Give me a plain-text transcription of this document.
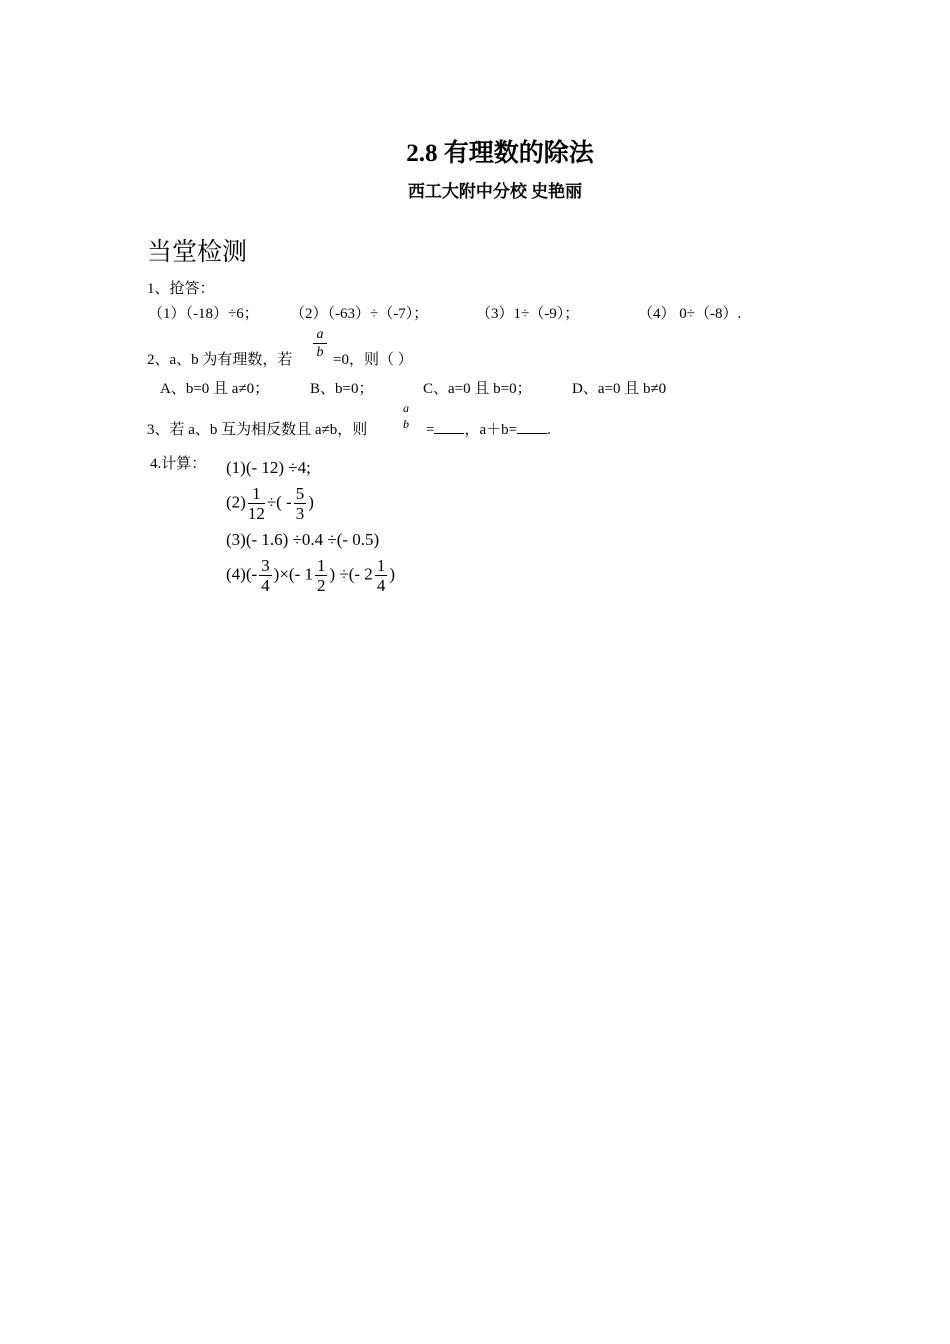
2.8 有理数的除法
西工大附中分校 史艳丽
当堂检测
1、抢答：
（1）（-18）÷6； （2）（-63）÷（-7）；	（3）1÷（-9）；	（4） 0÷（-8）.
2、a、b 为有理数，若 $\frac{a}{b} =0$，则（ ）
A、b=0 且 a≠0；	B、b=0；	C、a=0 且 b=0；	D、a=0 且 b≠0
3、若 a、b 互为相反数且 a≠b，则
a b = ，a＋b= .
4.计算： (1)(- 12) ÷4;
$(2) \frac{1}{12}$ ÷( - $\frac{5}{3}$ )
(3)(- 1.6) ÷0.4 ÷(- 0.5)
$(4)(- \frac{3}{4}$ )×(- $1 \frac{1}{2}$ ) ÷(- $2 \frac{1}{4}$ )
